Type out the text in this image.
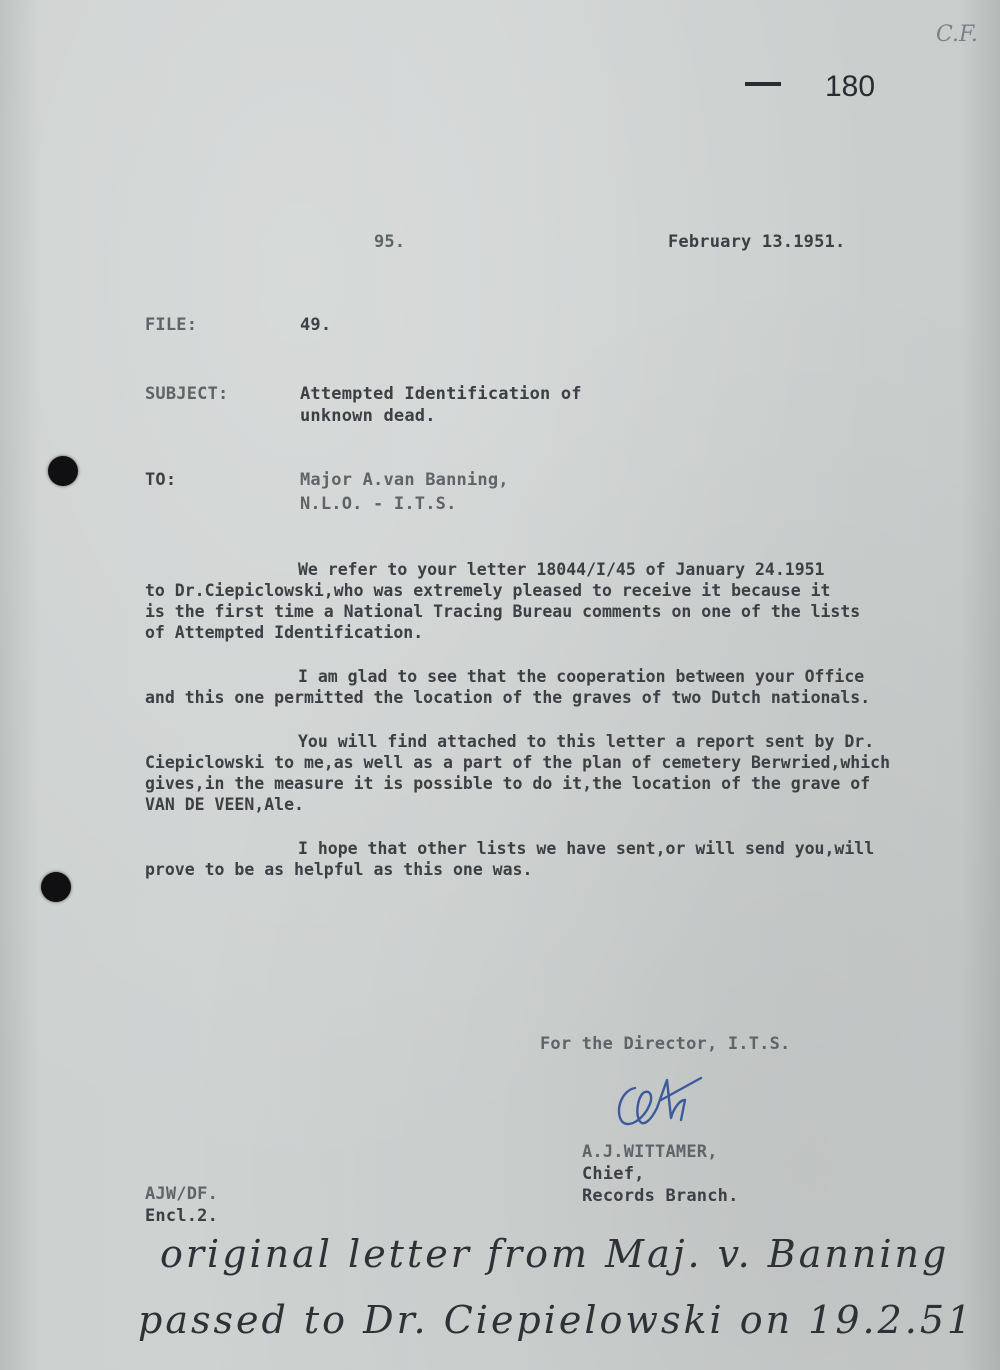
C.F.
180
95.	February 13.1951.
FILE:	49.
SUBJECT:	Attempted Identification of
unknown dead.
TO:	Major A.van Banning,
N.L.O. - I.T.S.
We refer to your letter 18044/I/45 of January 24.1951
to Dr.Ciepiclowski,who was extremely pleased to receive it because it
is the first time a National Tracing Bureau comments on one of the lists
of Attempted Identification.
I am glad to see that the cooperation between your Office
and this one permitted the location of the graves of two Dutch nationals.
You will find attached to this letter a report sent by Dr.
Ciepiclowski to me,as well as a part of the plan of cemetery Berwried,which
gives,in the measure it is possible to do it,the location of the grave of
VAN DE VEEN,Ale.
I hope that other lists we have sent,or will send you,will
prove to be as helpful as this one was.
For the Director, I.T.S.
A.J.WITTAMER,
Chief,
Records Branch.
AJW/DF.
Encl.2.
original letter from Maj. v. Banning
passed to Dr. Ciepielowski on 19.2.51
